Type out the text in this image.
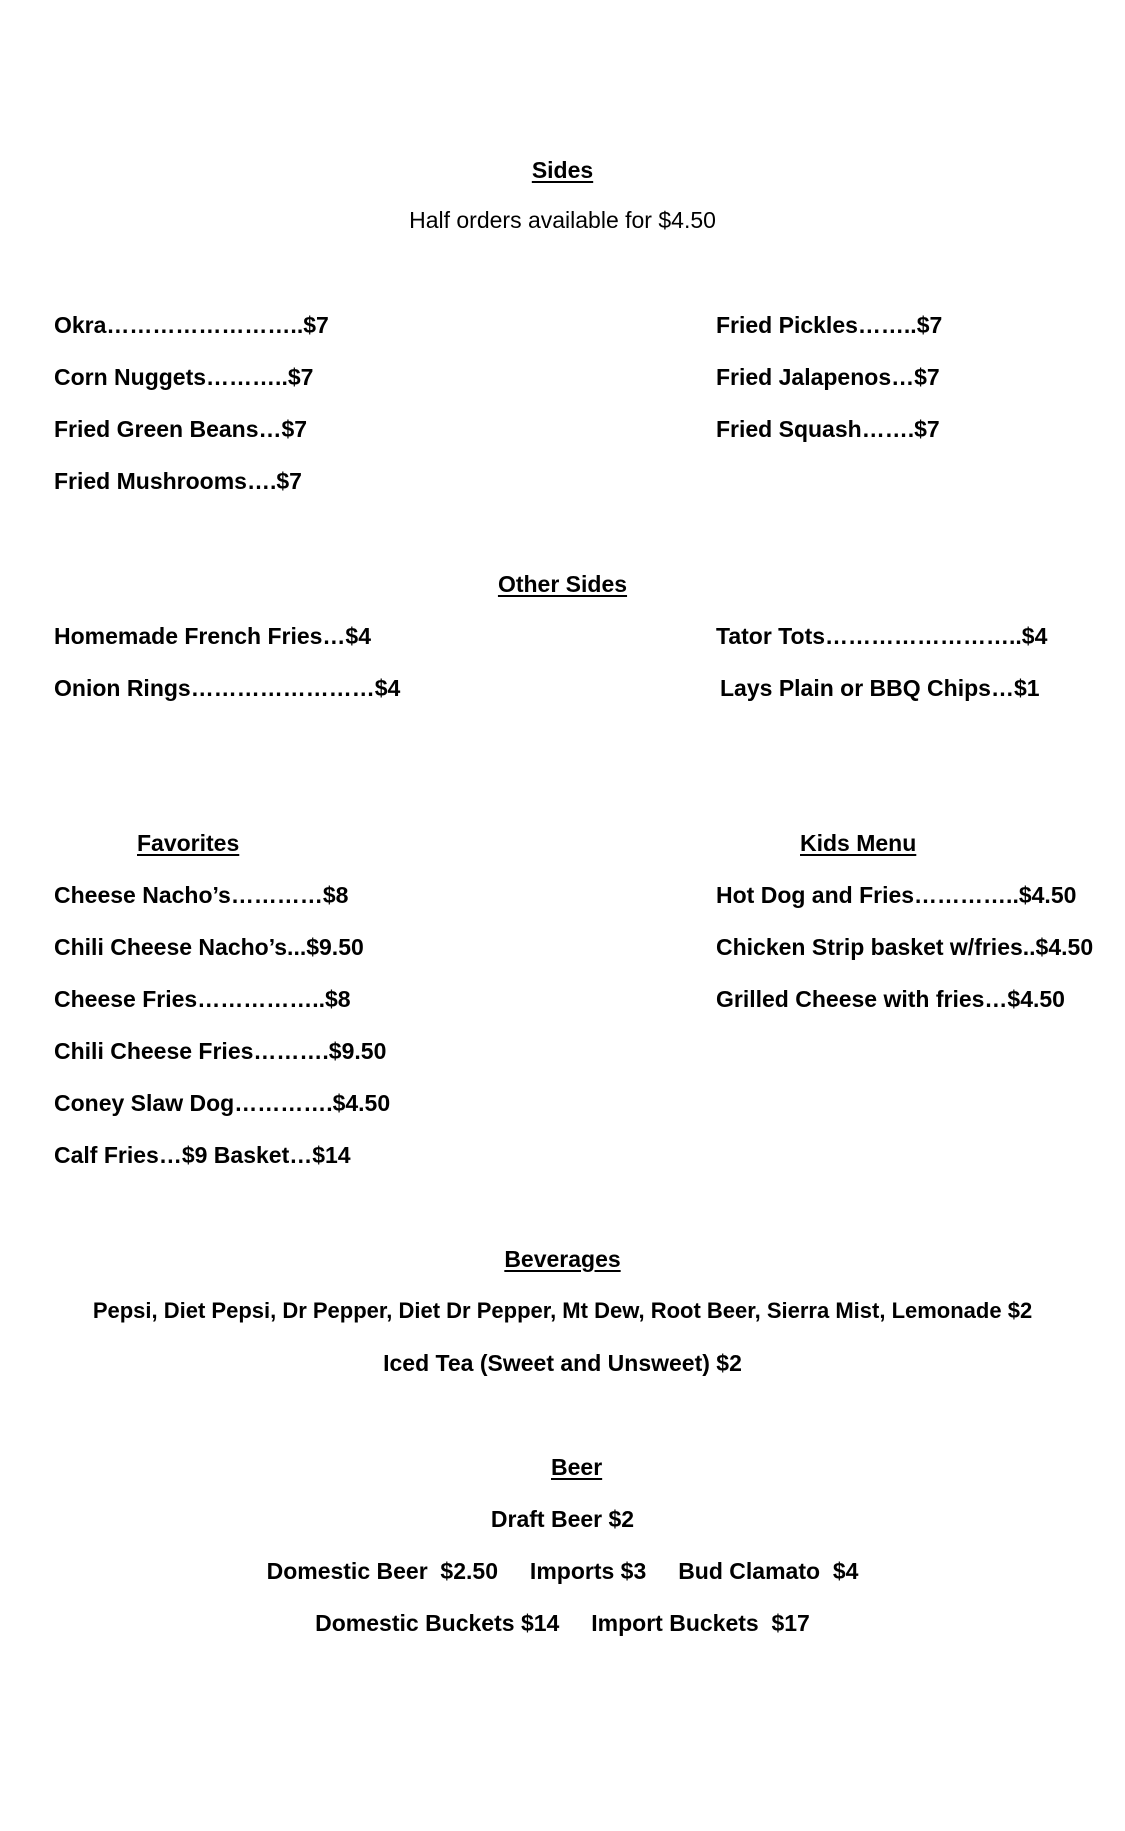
Sides
Half orders available for $4.50
Okra……………………..$7
Corn Nuggets………..$7
Fried Green Beans…$7
Fried Mushrooms….$7
Fried Pickles……..$7
Fried Jalapenos…$7
Fried Squash…….$7
Other Sides
Homemade French Fries…$4
Onion Rings……………………$4
Tator Tots……………………..$4
Lays Plain or BBQ Chips…$1
Favorites
Cheese Nacho’s…………$8
Chili Cheese Nacho’s...$9.50
Cheese Fries……………..$8
Chili Cheese Fries……….$9.50
Coney Slaw Dog………….$4.50
Calf Fries…$9 Basket…$14
Kids Menu
Hot Dog and Fries…………..$4.50
Chicken Strip basket w/fries..$4.50
Grilled Cheese with fries…$4.50
Beverages
Pepsi, Diet Pepsi, Dr Pepper, Diet Dr Pepper, Mt Dew, Root Beer, Sierra Mist, Lemonade $2
Iced Tea (Sweet and Unsweet) $2
Beer
Draft Beer $2
Domestic Beer  $2.50     Imports $3     Bud Clamato  $4
Domestic Buckets $14     Import Buckets  $17
